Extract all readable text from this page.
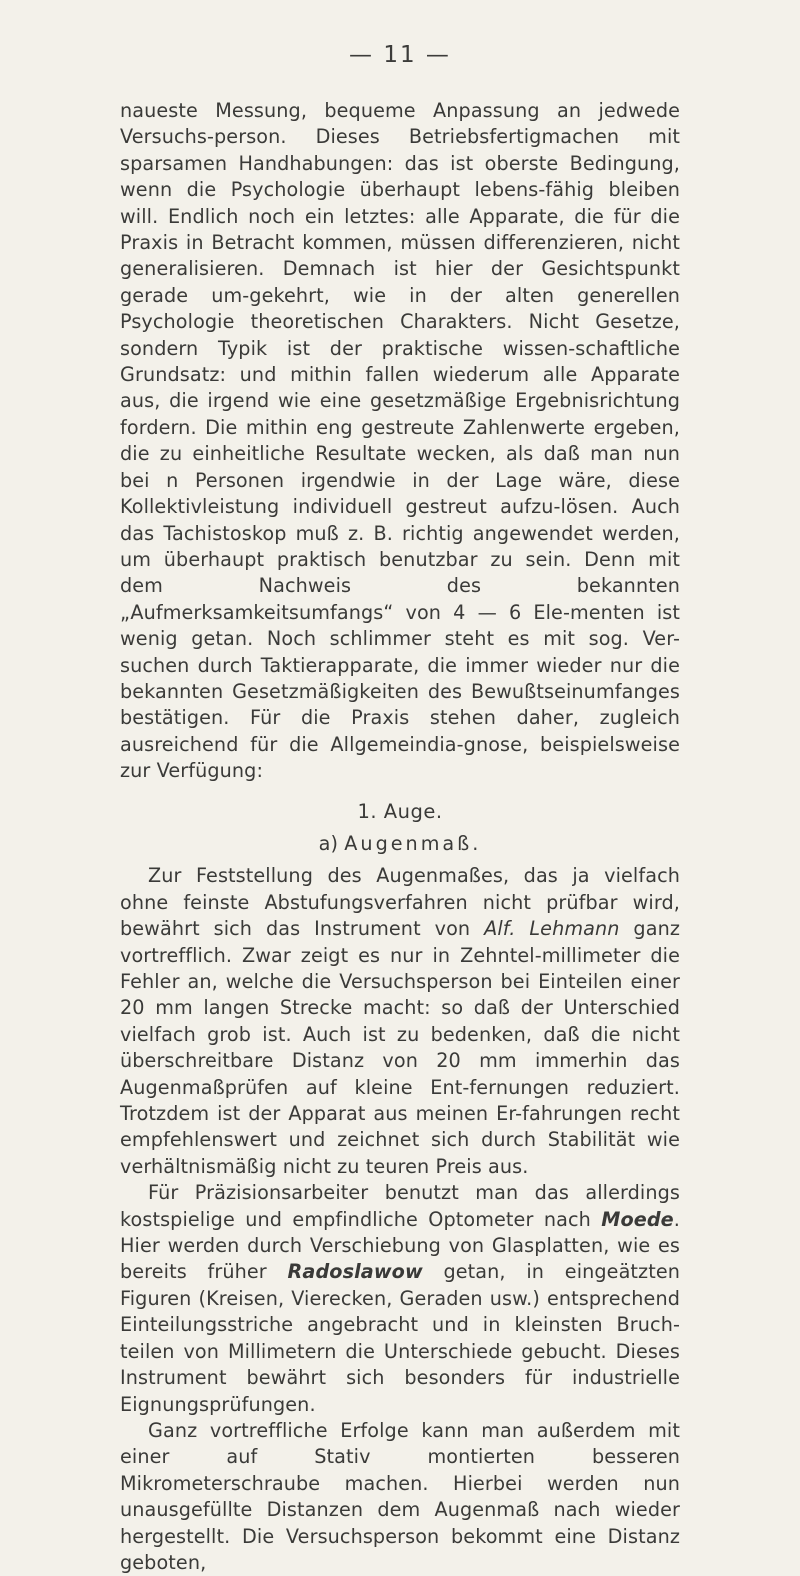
— 11 —

naueste Messung, bequeme Anpassung an jedwede Versuchs-person. Dieses Betriebsfertigmachen mit sparsamen Handhabungen: das ist oberste Bedingung, wenn die Psychologie überhaupt lebens-fähig bleiben will. Endlich noch ein letztes: alle Apparate, die für die Praxis in Betracht kommen, müssen differenzieren, nicht generalisieren. Demnach ist hier der Gesichtspunkt gerade um-gekehrt, wie in der alten generellen Psychologie theoretischen Charakters. Nicht Gesetze, sondern Typik ist der praktische wissen-schaftliche Grundsatz: und mithin fallen wiederum alle Apparate aus, die irgend wie eine gesetzmäßige Ergebnisrichtung fordern. Die mithin eng gestreute Zahlenwerte ergeben, die zu einheitliche Resultate wecken, als daß man nun bei n Personen irgendwie in der Lage wäre, diese Kollektivleistung individuell gestreut aufzu-lösen. Auch das Tachistoskop muß z. B. richtig angewendet werden, um überhaupt praktisch benutzbar zu sein. Denn mit dem Nachweis des bekannten „Aufmerksamkeitsumfangs“ von 4 — 6 Ele-menten ist wenig getan. Noch schlimmer steht es mit sog. Ver-suchen durch Taktierapparate, die immer wieder nur die bekannten Gesetzmäßigkeiten des Bewußtseinumfanges bestätigen. Für die Praxis stehen daher, zugleich ausreichend für die Allgemeindia-gnose, beispielsweise zur Verfügung:

1. Auge.
a) Augenmaß.

Zur Feststellung des Augenmaßes, das ja vielfach ohne feinste Abstufungsverfahren nicht prüfbar wird, bewährt sich das Instrument von Alf. Lehmann ganz vortrefflich. Zwar zeigt es nur in Zehntel-millimeter die Fehler an, welche die Versuchsperson bei Einteilen einer 20 mm langen Strecke macht: so daß der Unterschied vielfach grob ist. Auch ist zu bedenken, daß die nicht überschreitbare Distanz von 20 mm immerhin das Augenmaßprüfen auf kleine Ent-fernungen reduziert. Trotzdem ist der Apparat aus meinen Er-fahrungen recht empfehlenswert und zeichnet sich durch Stabilität wie verhältnismäßig nicht zu teuren Preis aus.

Für Präzisionsarbeiter benutzt man das allerdings kostspielige und empfindliche Optometer nach Moede. Hier werden durch Verschiebung von Glasplatten, wie es bereits früher Radoslawow getan, in eingeätzten Figuren (Kreisen, Vierecken, Geraden usw.) entsprechend Einteilungsstriche angebracht und in kleinsten Bruch-teilen von Millimetern die Unterschiede gebucht. Dieses Instrument bewährt sich besonders für industrielle Eignungsprüfungen.

Ganz vortreffliche Erfolge kann man außerdem mit einer auf Stativ montierten besseren Mikrometerschraube machen. Hierbei werden nun unausgefüllte Distanzen dem Augenmaß nach wieder hergestellt. Die Versuchsperson bekommt eine Distanz geboten,
